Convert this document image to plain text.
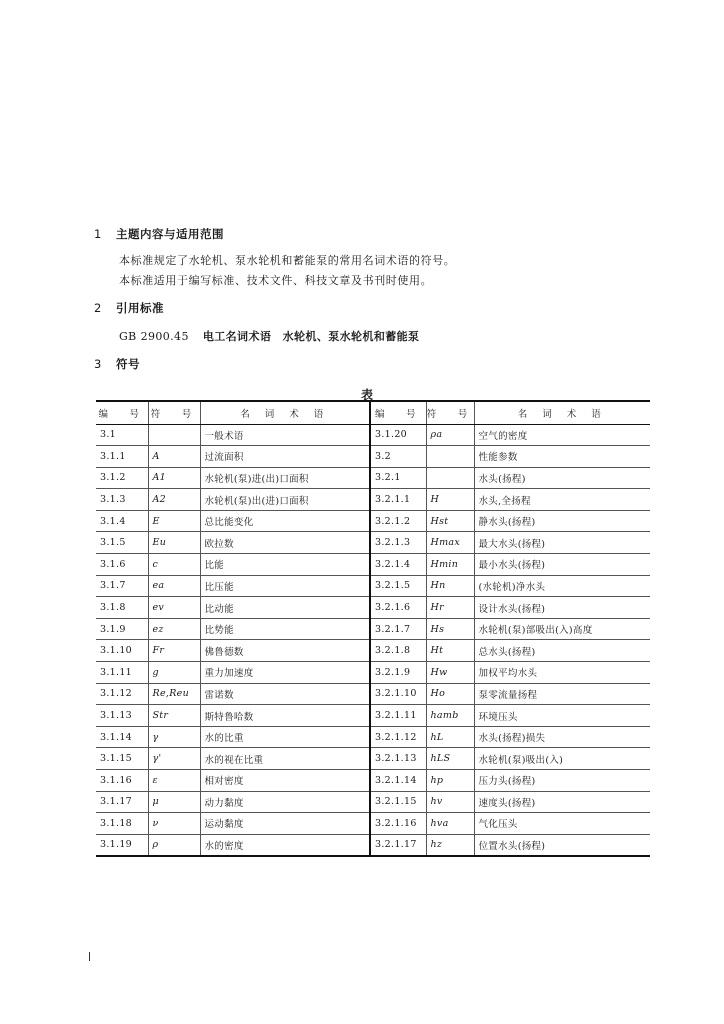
1 主题内容与适用范围
本标准规定了水轮机、泵水轮机和蓄能泵的常用名词术语的符号。
本标准适用于编写标准、技术文件、科技文章及书刊时使用。
2 引用标准
GB 2900.45 电工名词术语　水轮机、泵水轮机和蓄能泵
3 符号
表
编　号	符　号	名 词 术 语	编　号	符　号	名 词 术 语
3.1		一般术语	3.1.20	ρa	空气的密度
3.1.1	A	过流面积	3.2		性能参数
3.1.2	A1	水轮机(泵)进(出)口面积	3.2.1		水头(扬程)
3.1.3	A2	水轮机(泵)出(进)口面积	3.2.1.1	H	水头,全扬程
3.1.4	E	总比能变化	3.2.1.2	Hst	静水头(扬程)
3.1.5	Eu	欧拉数	3.2.1.3	Hmax	最大水头(扬程)
3.1.6	c	比能	3.2.1.4	Hmin	最小水头(扬程)
3.1.7	ea	比压能	3.2.1.5	Hn	(水轮机)净水头
3.1.8	ev	比动能	3.2.1.6	Hr	设计水头(扬程)
3.1.9	ez	比势能	3.2.1.7	Hs	水轮机(泵)部吸出(入)高度
3.1.10	Fr	佛鲁德数	3.2.1.8	Ht	总水头(扬程)
3.1.11	g	重力加速度	3.2.1.9	Hw	加权平均水头
3.1.12	Re,Reu	雷诺数	3.2.1.10	Ho	泵零流量扬程
3.1.13	Str	斯特鲁哈数	3.2.1.11	hamb	环境压头
3.1.14	γ	水的比重	3.2.1.12	hL	水头(扬程)损失
3.1.15	γ'	水的视在比重	3.2.1.13	hLS	水轮机(泵)吸出(入)
3.1.16	ε	相对密度	3.2.1.14	hp	压力头(扬程)
3.1.17	μ	动力黏度	3.2.1.15	hv	速度头(扬程)
3.1.18	ν	运动黏度	3.2.1.16	hva	气化压头
3.1.19	ρ	水的密度	3.2.1.17	hz	位置水头(扬程)
